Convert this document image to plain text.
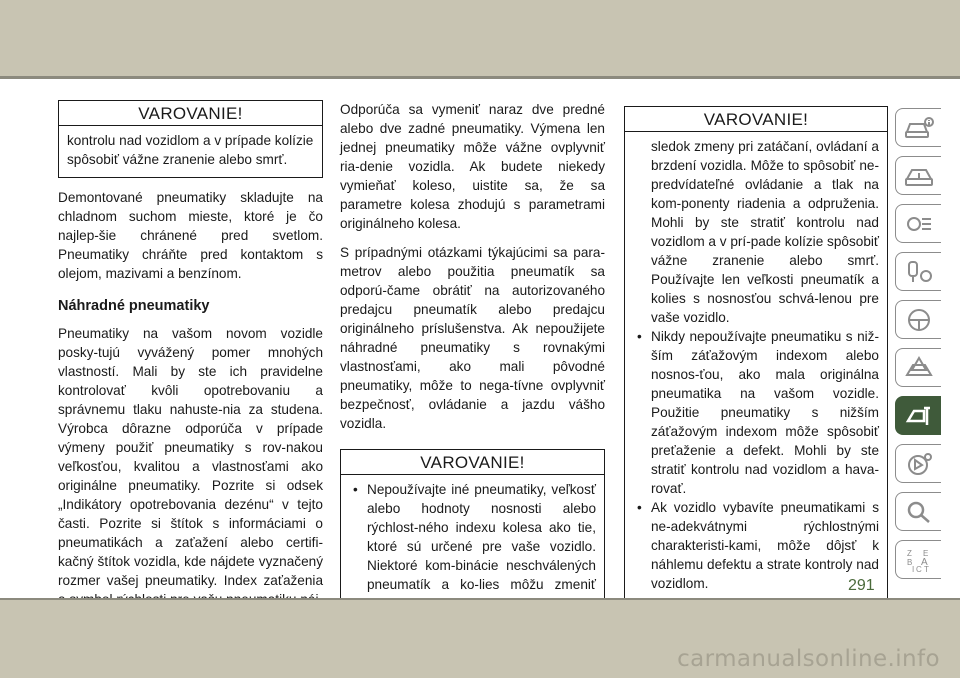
VAROVANIE!
kontrolu nad vozidlom a v prípade kolízie spôsobiť vážne zranenie alebo smrť.

Demontované pneumatiky skladujte na chladnom suchom mieste, ktoré je čo najlep-šie chránené pred svetlom. Pneumatiky chráňte pred kontaktom s olejom, mazivami a benzínom.

Náhradné pneumatiky

Pneumatiky na vašom novom vozidle posky-tujú vyvážený pomer mnohých vlastností. Mali by ste ich pravidelne kontrolovať kvôli opotrebovaniu a správnemu tlaku nahuste-nia za studena. Výrobca dôrazne odporúča v prípade výmeny použiť pneumatiky s rov-nakou veľkosťou, kvalitou a vlastnosťami ako originálne pneumatiky. Pozrite si odsek „Indikátory opotrebovania dezénu“ v tejto časti. Pozrite si štítok s informáciami o pneumatikách a zaťažení alebo certifi-kačný štítok vozidla, kde nájdete vyznačený rozmer vašej pneumatiky. Index zaťaženia

Odporúča sa vymeniť naraz dve predné alebo dve zadné pneumatiky. Výmena len jednej pneumatiky môže vážne ovplyvniť ria-denie vozidla. Ak budete niekedy vymieňať koleso, uistite sa, že sa parametre kolesa zhodujú s parametrami originálneho kolesa.

S prípadnými otázkami týkajúcimi sa para-metrov alebo použitia pneumatík sa odporú-čame obrátiť na autorizovaného predajcu pneumatík alebo predajcu originálneho príslušenstva. Ak nepoužijete náhradné pneumatiky s rovnakými vlastnosťami, ako mali pôvodné pneumatiky, môže to nega-tívne ovplyvniť bezpečnosť, ovládanie a jazdu vášho vozidla.

VAROVANIE!
• Nepoužívajte iné pneumatiky, veľkosť alebo hodnoty nosnosti alebo rýchlost-ného indexu kolesa ako tie, ktoré sú určené pre vaše vozidlo. Niektoré kom-binácie neschválených pneumatík a ko-lies môžu zmeniť
VAROVANIE!
sledok zmeny pri zatáčaní, ovládaní a brzdení vozidla. Môže to spôsobiť ne-predvídateľné ovládanie a tlak na kom-ponenty riadenia a odpruženia. Mohli by ste stratiť kontrolu nad vozidlom a v prí-pade kolízie spôsobiť vážne zranenie alebo smrť. Používajte len veľkosti pneumatík a kolies s nosnosťou schvá-lenou pre vaše vozidlo.
• Nikdy nepoužívajte pneumatiku s niž-ším záťažovým indexom alebo nosnos-ťou, ako mala originálna pneumatika na vašom vozidle. Použitie pneumatiky s nižším záťažovým indexom môže spôsobiť preťaženie a defekt. Mohli by ste stratiť kontrolu nad vozidlom a hava-rovať.
• Ak vozidlo vybavíte pneumatikami s ne-adekvátnymi rýchlostnými charakteristi-kami, môže dôjsť k náhlemu defektu a strate kontroly nad vozidlom.
Z E
B A
I C T
291
carmanualsonline.info
